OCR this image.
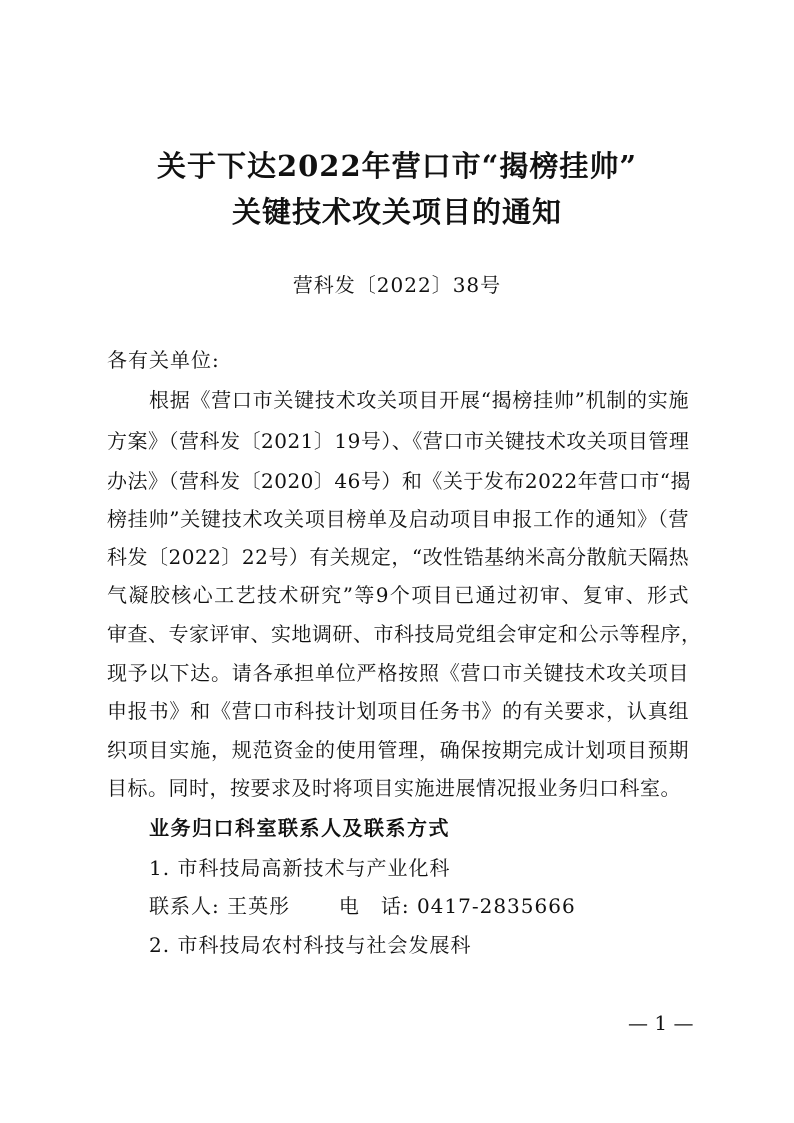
关于下达2022年营口市“揭榜挂帅”
关键技术攻关项目的通知
营科发〔2022〕38号
各有关单位:
根据《营口市关键技术攻关项目开展“揭榜挂帅”机制的实施
方案》（营科发〔2021〕19号）、《营口市关键技术攻关项目管理
办法》（营科发〔2020〕46号）和《关于发布2022年营口市“揭
榜挂帅”关键技术攻关项目榜单及启动项目申报工作的通知》（营
科发〔2022〕22号）有关规定，“改性锆基纳米高分散航天隔热
气凝胶核心工艺技术研究”等9个项目已通过初审、复审、形式
审查、专家评审、实地调研、市科技局党组会审定和公示等程序，
现予以下达。请各承担单位严格按照《营口市关键技术攻关项目
申报书》和《营口市科技计划项目任务书》的有关要求，认真组
织项目实施，规范资金的使用管理，确保按期完成计划项目预期
目标。同时，按要求及时将项目实施进展情况报业务归口科室。
业务归口科室联系人及联系方式
1. 市科技局高新技术与产业化科
联系人: 王英彤 电　话: 0417-2835666
2. 市科技局农村科技与社会发展科
— 1 —
